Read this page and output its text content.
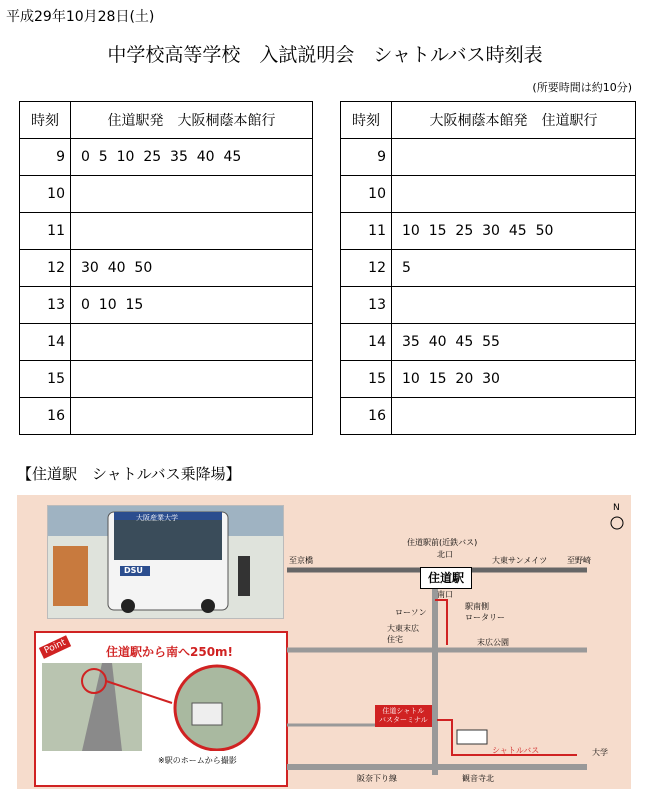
平成29年10月28日(土)
中学校高等学校　入試説明会　シャトルバス時刻表
(所要時間は約10分)
時刻	住道駅発　大阪桐蔭本館行
9	0  5  10  25  35  40  45
10	
11	
12	30  40  50
13	0  10  15
14	
15	
16	
時刻	大阪桐蔭本館発　住道駅行
9	
10	
11	10  15  25  30  45  50
12	5
13	
14	35  40  45  55
15	10  15  20  30
16	
【住道駅　シャトルバス乗降場】
大阪産業大学
DSU
Point	住道駅から南へ250m!
※駅のホームから撮影
至京橋	至野崎
住道駅前(近鉄バス)
北口
大東サンメイツ
住道駅
南口
ローソン
駅南側
ロータリー
大東末広
住宅	末広公園
住道シャトル
バスターミナル
シャトルバス	大学
阪奈下り線	観音寺北
N
